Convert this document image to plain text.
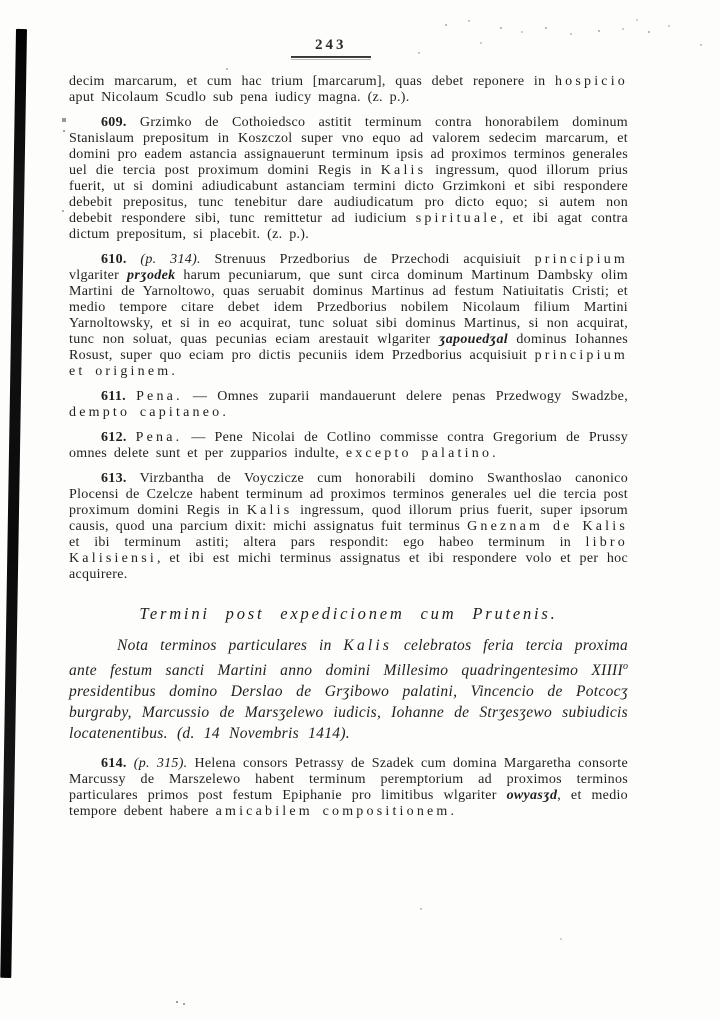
243

decim marcarum, et cum hac trium [marcarum], quas debet reponere in hospicio aput Nicolaum Scudlo sub pena iudicy magna. (z. p.).

609. Grzimko de Cothoiedsco astitit terminum contra honorabilem dominum Stanislaum prepositum in Koszczol super vno equo ad valorem sedecim marcarum, et domini pro eadem astancia assignauerunt terminum ipsis ad proximos terminos generales uel die tercia post proximum domini Regis in Kalis ingressum, quod illorum prius fuerit, ut si domini adiudicabunt astanciam termini dicto Grzimkoni et sibi respondere debebit prepositus, tunc tenebitur dare audiudicatum pro dicto equo; si autem non debebit respondere sibi, tunc remittetur ad iudicium spirituale, et ibi agat contra dictum prepositum, si placebit. (z. p.).

610. (p. 314). Strenuus Przedborius de Przechodi acquisiuit principium vlgariter prʒodek harum pecuniarum, que sunt circa dominum Martinum Dambsky olim Martini de Yarnoltowo, quas seruabit dominus Martinus ad festum Natiuitatis Cristi; et medio tempore citare debet idem Przedborius nobilem Nicolaum filium Martini Yarnoltowsky, et si in eo acquirat, tunc soluat sibi dominus Martinus, si non acquirat, tunc non soluat, quas pecunias eciam arestauit wlgariter ʒapouedʒal dominus Iohannes Rosust, super quo eciam pro dictis pecuniis idem Przedborius acquisiuit principium et originem.

611. Pena. — Omnes zuparii mandauerunt delere penas Przedwogy Swadzbe, dempto capitaneo.

612. Pena. — Pene Nicolai de Cotlino commisse contra Gregorium de Prussy omnes delete sunt et per zupparios indulte, excepto palatino.

613. Virzbantha de Voyczicze cum honorabili domino Swanthoslao canonico Plocensi de Czelcze habent terminum ad proximos terminos generales uel die tercia post proximum domini Regis in Kalis ingressum, quod illorum prius fuerit, super ipsorum causis, quod una parcium dixit: michi assignatus fuit terminus Gneznam de Kalis et ibi terminum astiti; altera pars respondit: ego habeo terminum in libro Kalisiensi, et ibi est michi terminus assignatus et ibi respondere volo et per hoc acquirere.

Termini post expedicionem cum Prutenis.

Nota terminos particulares in Kalis celebratos feria tercia proxima ante festum sancti Martini anno domini Millesimo quadringentesimo XIIII$^o$ presidentibus domino Derslao de Grʒibowo palatini, Vincencio de Potcocʒ burgraby, Marcussio de Marsʒelewo iudicis, Iohanne de Strʒesʒewo subiudicis locatenentibus. (d. 14 Novembris 1414).

614. (p. 315). Helena consors Petrassy de Szadek cum domina Margaretha consorte Marcussy de Marszelewo habent terminum peremptorium ad proximos terminos particulares primos post festum Epiphanie pro limitibus wlgariter owyasʒd, et medio tempore debent habere amicabilem compositionem.
